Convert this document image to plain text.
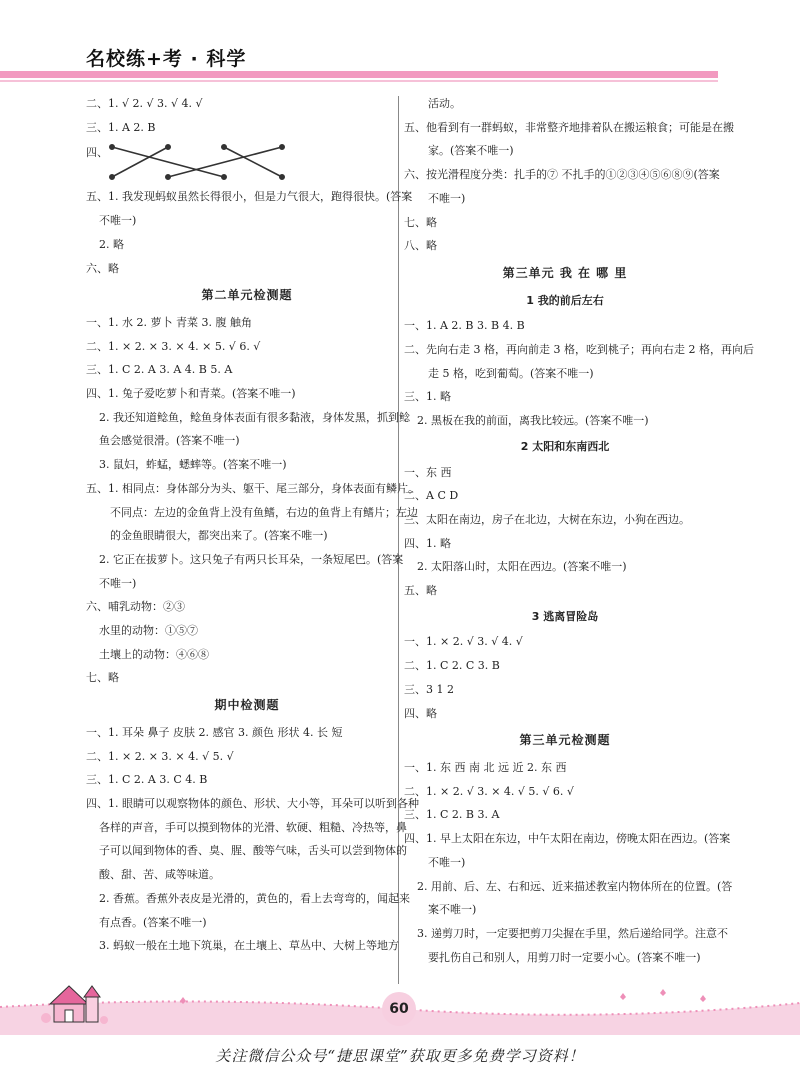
名校练+考 · 科学
二、1. √ 2. √ 3. √ 4. √
三、1. A 2. B
四、
五、1. 我发现蚂蚁虽然长得很小，但是力气很大，跑得很快。(答案
不唯一)
2. 略
六、略
第二单元检测题
一、1. 水 2. 萝卜 青菜 3. 腹 触角
二、1. × 2. × 3. × 4. × 5. √ 6. √
三、1. C 2. A 3. A 4. B 5. A
四、1. 兔子爱吃萝卜和青菜。(答案不唯一)
2. 我还知道鲶鱼，鲶鱼身体表面有很多黏液，身体发黑，抓到鲶
鱼会感觉很滑。(答案不唯一)
3. 鼠妇，蚱蜢，蟋蟀等。(答案不唯一)
五、1. 相同点：身体部分为头、躯干、尾三部分，身体表面有鳞片。
不同点：左边的金鱼背上没有鱼鳍，右边的鱼背上有鳍片；左边
的金鱼眼睛很大，都突出来了。(答案不唯一)
2. 它正在拔萝卜。这只兔子有两只长耳朵，一条短尾巴。(答案
不唯一)
六、哺乳动物：②③
水里的动物：①⑤⑦
土壤上的动物：④⑥⑧
七、略
期中检测题
一、1. 耳朵 鼻子 皮肤 2. 感官 3. 颜色 形状 4. 长 短
二、1. × 2. × 3. × 4. √ 5. √
三、1. C 2. A 3. C 4. B
四、1. 眼睛可以观察物体的颜色、形状、大小等，耳朵可以听到各种
各样的声音，手可以摸到物体的光滑、软硬、粗糙、冷热等，鼻
子可以闻到物体的香、臭、腥、酸等气味，舌头可以尝到物体的
酸、甜、苦、咸等味道。
2. 香蕉。香蕉外表皮是光滑的，黄色的，看上去弯弯的，闻起来
有点香。(答案不唯一)
3. 蚂蚁一般在土地下筑巢，在土壤上、草丛中、大树上等地方
活动。
五、他看到有一群蚂蚁，非常整齐地排着队在搬运粮食；可能是在搬
家。(答案不唯一)
六、按光滑程度分类：扎手的⑦ 不扎手的①②③④⑤⑥⑧⑨(答案
不唯一)
七、略
八、略
第三单元 我 在 哪 里
1 我的前后左右
一、1. A 2. B 3. B 4. B
二、先向右走 3 格，再向前走 3 格，吃到桃子；再向右走 2 格，再向后
走 5 格，吃到葡萄。(答案不唯一)
三、1. 略
2. 黑板在我的前面，离我比较远。(答案不唯一)
2 太阳和东南西北
一、东 西
二、A C D
三、太阳在南边，房子在北边，大树在东边，小狗在西边。
四、1. 略
2. 太阳落山时，太阳在西边。(答案不唯一)
五、略
3 逃离冒险岛
一、1. × 2. √ 3. √ 4. √
二、1. C 2. C 3. B
三、3 1 2
四、略
第三单元检测题
一、1. 东 西 南 北 远 近 2. 东 西
二、1. × 2. √ 3. × 4. √ 5. √ 6. √
三、1. C 2. B 3. A
四、1. 早上太阳在东边，中午太阳在南边，傍晚太阳在西边。(答案
不唯一)
2. 用前、后、左、右和远、近来描述教室内物体所在的位置。(答
案不唯一)
3. 递剪刀时，一定要把剪刀尖握在手里，然后递给同学。注意不
要扎伤自己和别人，用剪刀时一定要小心。(答案不唯一)
60
关注微信公众号“捷思课堂”获取更多免费学习资料！
